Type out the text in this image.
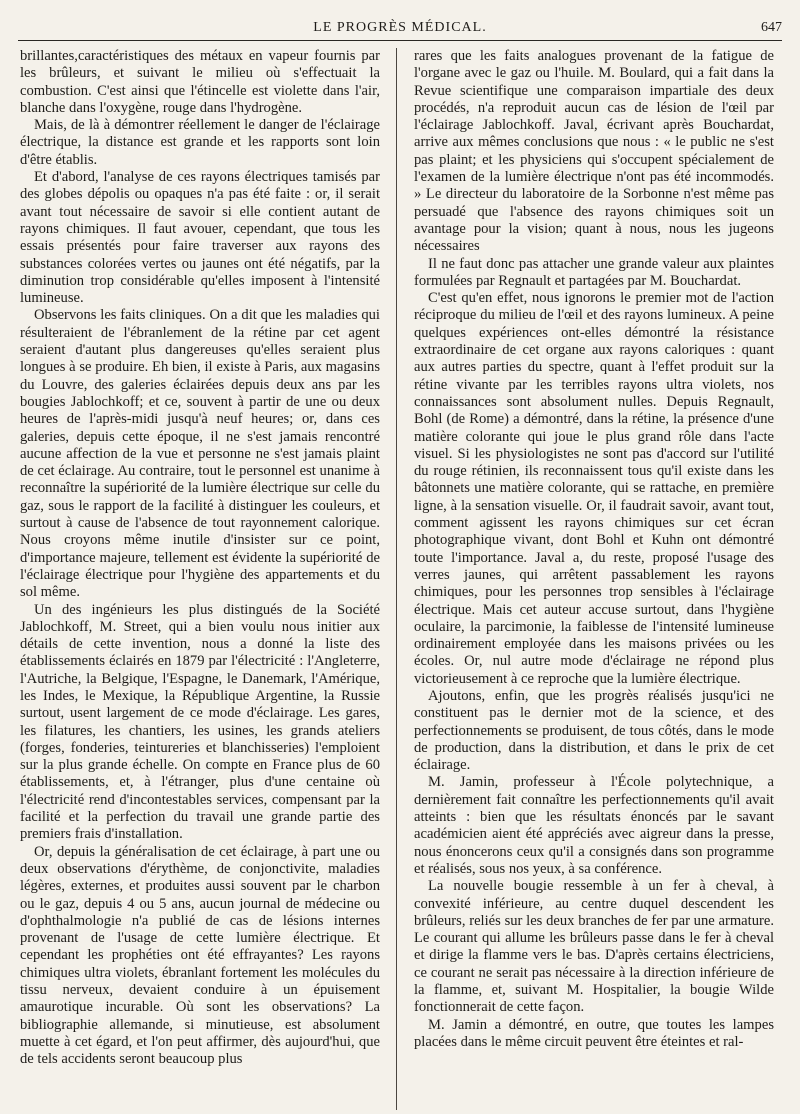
LE PROGRÈS MÉDICAL.	647

brillantes,caractéristiques des métaux en vapeur fournis par les brûleurs, et suivant le milieu où s'effectuait la combustion. C'est ainsi que l'étincelle est violette dans l'air, blanche dans l'oxygène, rouge dans l'hydrogène.

Mais, de là à démontrer réellement le danger de l'éclairage électrique, la distance est grande et les rapports sont loin d'être établis.

Et d'abord, l'analyse de ces rayons électriques tamisés par des globes dépolis ou opaques n'a pas été faite : or, il serait avant tout nécessaire de savoir si elle contient autant de rayons chimiques. Il faut avouer, cependant, que tous les essais présentés pour faire traverser aux rayons des substances colorées vertes ou jaunes ont été négatifs, par la diminution trop considérable qu'elles imposent à l'intensité lumineuse.

Observons les faits cliniques. On a dit que les maladies qui résulteraient de l'ébranlement de la rétine par cet agent seraient d'autant plus dangereuses qu'elles seraient plus longues à se produire. Eh bien, il existe à Paris, aux magasins du Louvre, des galeries éclairées depuis deux ans par les bougies Jablochkoff; et ce, souvent à partir de une ou deux heures de l'après-midi jusqu'à neuf heures; or, dans ces galeries, depuis cette époque, il ne s'est jamais rencontré aucune affection de la vue et personne ne s'est jamais plaint de cet éclairage. Au contraire, tout le personnel est unanime à reconnaître la supériorité de la lumière électrique sur celle du gaz, sous le rapport de la facilité à distinguer les couleurs, et surtout à cause de l'absence de tout rayonnement calorique. Nous croyons même inutile d'insister sur ce point, d'importance majeure, tellement est évidente la supériorité de l'éclairage électrique pour l'hygiène des appartements et du sol même.

Un des ingénieurs les plus distingués de la Société Jablochkoff, M. Street, qui a bien voulu nous initier aux détails de cette invention, nous a donné la liste des établissements éclairés en 1879 par l'électricité : l'Angleterre, l'Autriche, la Belgique, l'Espagne, le Danemark, l'Amérique, les Indes, le Mexique, la République Argentine, la Russie surtout, usent largement de ce mode d'éclairage. Les gares, les filatures, les chantiers, les usines, les grands ateliers (forges, fonderies, teintureries et blanchisseries) l'emploient sur la plus grande échelle. On compte en France plus de 60 établissements, et, à l'étranger, plus d'une centaine où l'électricité rend d'incontestables services, compensant par la facilité et la perfection du travail une grande partie des premiers frais d'installation.

Or, depuis la généralisation de cet éclairage, à part une ou deux observations d'érythème, de conjonctivite, maladies légères, externes, et produites aussi souvent par le charbon ou le gaz, depuis 4 ou 5 ans, aucun journal de médecine ou d'ophthalmologie n'a publié de cas de lésions internes provenant de l'usage de cette lumière électrique. Et cependant les prophéties ont été effrayantes? Les rayons chimiques ultra violets, ébranlant fortement les molécules du tissu nerveux, devaient conduire à un épuisement amaurotique incurable. Où sont les observations? La bibliographie allemande, si minutieuse, est absolument muette à cet égard, et l'on peut affirmer, dès aujourd'hui, que de tels accidents seront beaucoup plus

rares que les faits analogues provenant de la fatigue de l'organe avec le gaz ou l'huile. M. Boulard, qui a fait dans la Revue scientifique une comparaison impartiale des deux procédés, n'a reproduit aucun cas de lésion de l'œil par l'éclairage Jablochkoff. Javal, écrivant après Bouchardat, arrive aux mêmes conclusions que nous : « le public ne s'est pas plaint; et les physiciens qui s'occupent spécialement de l'examen de la lumière électrique n'ont pas été incommodés. » Le directeur du laboratoire de la Sorbonne n'est même pas persuadé que l'absence des rayons chimiques soit un avantage pour la vision; quant à nous, nous les jugeons nécessaires

Il ne faut donc pas attacher une grande valeur aux plaintes formulées par Regnault et partagées par M. Bouchardat.

C'est qu'en effet, nous ignorons le premier mot de l'action réciproque du milieu de l'œil et des rayons lumineux. A peine quelques expériences ont-elles démontré la résistance extraordinaire de cet organe aux rayons caloriques : quant aux autres parties du spectre, quant à l'effet produit sur la rétine vivante par les terribles rayons ultra violets, nos connaissances sont absolument nulles. Depuis Regnault, Bohl (de Rome) a démontré, dans la rétine, la présence d'une matière colorante qui joue le plus grand rôle dans l'acte visuel. Si les physiologistes ne sont pas d'accord sur l'utilité du rouge rétinien, ils reconnaissent tous qu'il existe dans les bâtonnets une matière colorante, qui se rattache, en première ligne, à la sensation visuelle. Or, il faudrait savoir, avant tout, comment agissent les rayons chimiques sur cet écran photographique vivant, dont Bohl et Kuhn ont démontré toute l'importance. Javal a, du reste, proposé l'usage des verres jaunes, qui arrêtent passablement les rayons chimiques, pour les personnes trop sensibles à l'éclairage électrique. Mais cet auteur accuse surtout, dans l'hygiène oculaire, la parcimonie, la faiblesse de l'intensité lumineuse ordinairement employée dans les maisons privées ou les écoles. Or, nul autre mode d'éclairage ne répond plus victorieusement à ce reproche que la lumière électrique.

Ajoutons, enfin, que les progrès réalisés jusqu'ici ne constituent pas le dernier mot de la science, et des perfectionnements se produisent, de tous côtés, dans le mode de production, dans la distribution, et dans le prix de cet éclairage.

M. Jamin, professeur à l'École polytechnique, a dernièrement fait connaître les perfectionnements qu'il avait atteints : bien que les résultats énoncés par le savant académicien aient été appréciés avec aigreur dans la presse, nous énoncerons ceux qu'il a consignés dans son programme et réalisés, sous nos yeux, à sa conférence.

La nouvelle bougie ressemble à un fer à cheval, à convexité inférieure, au centre duquel descendent les brûleurs, reliés sur les deux branches de fer par une armature. Le courant qui allume les brûleurs passe dans le fer à cheval et dirige la flamme vers le bas. D'après certains électriciens, ce courant ne serait pas nécessaire à la direction inférieure de la flamme, et, suivant M. Hospitalier, la bougie Wilde fonctionnerait de cette façon.

M. Jamin a démontré, en outre, que toutes les lampes placées dans le même circuit peuvent être éteintes et ral-
